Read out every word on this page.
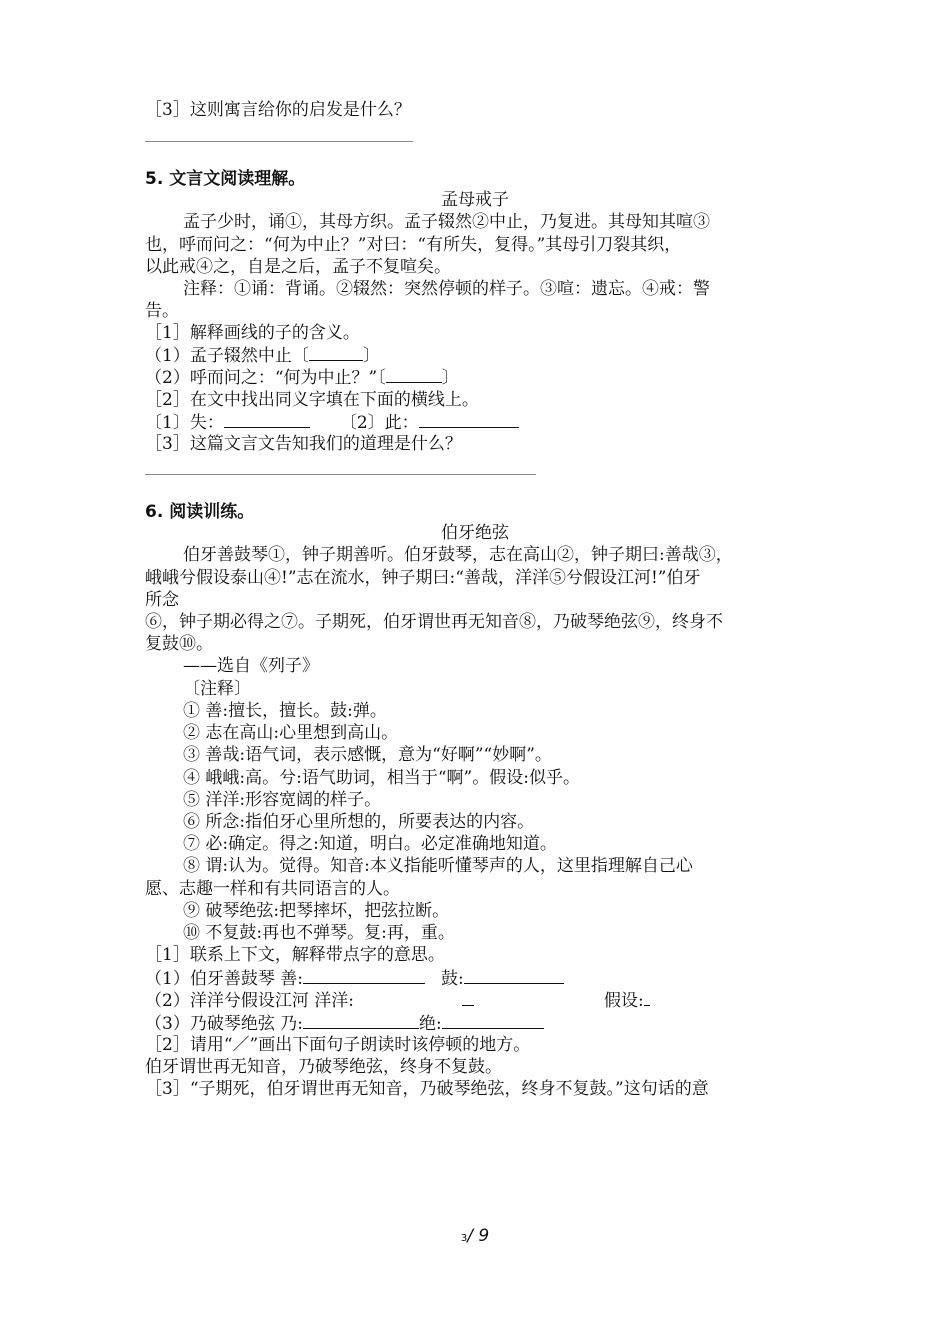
［3］这则寓言给你的启发是什么？
5. 文言文阅读理解。
孟母戒子
孟子少时，诵①，其母方织。孟子辍然②中止，乃复进。其母知其喧③
也，呼而问之：“何为中止？”对曰：“有所失，复得。”其母引刀裂其织，
以此戒④之，自是之后，孟子不复喧矣。
注释：①诵：背诵。②辍然：突然停顿的样子。③喧：遗忘。④戒：警
告。
［1］解释画线的子的含义。
（1）孟子辍然中止〔	〕
（2）呼而问之：“何为中止？”〔	〕
［2］在文中找出同义字填在下面的横线上。
〔1〕失：	〔2〕此：
［3］这篇文言文告知我们的道理是什么？
6. 阅读训练。
伯牙绝弦
伯牙善鼓琴①，钟子期善听。伯牙鼓琴，志在高山②，钟子期曰:善哉③，
峨峨兮假设泰山④!”志在流水，钟子期曰:“善哉，洋洋⑤兮假设江河!”伯牙
所念
⑥，钟子期必得之⑦。子期死，伯牙谓世再无知音⑧，乃破琴绝弦⑨，终身不
复鼓⑩。
——选自《列子》
〔注释〕
① 善:擅长，擅长。鼓:弹。
② 志在高山:心里想到高山。
③ 善哉:语气词，表示感慨，意为“好啊”“妙啊”。
④ 峨峨:高。兮:语气助词，相当于“啊”。假设:似乎。
⑤ 洋洋:形容宽阔的样子。
⑥ 所念:指伯牙心里所想的，所要表达的内容。
⑦ 必:确定。得之:知道，明白。必定准确地知道。
⑧ 谓:认为。觉得。知音:本义指能听懂琴声的人，这里指理解自己心
愿、志趣一样和有共同语言的人。
⑨ 破琴绝弦:把琴摔坏，把弦拉断。
⑩ 不复鼓:再也不弹琴。复:再，重。
［1］联系上下文，解释带点字的意思。
（1）伯牙善鼓琴 善:	鼓:
（2）洋洋兮假设江河 洋洋:	假设:
（3）乃破琴绝弦 乃:	绝:
［2］请用“／”画出下面句子朗读时该停顿的地方。
伯牙谓世再无知音，乃破琴绝弦，终身不复鼓。
［3］“子期死，伯牙谓世再无知音，乃破琴绝弦，终身不复鼓。”这句话的意
3/ 9
